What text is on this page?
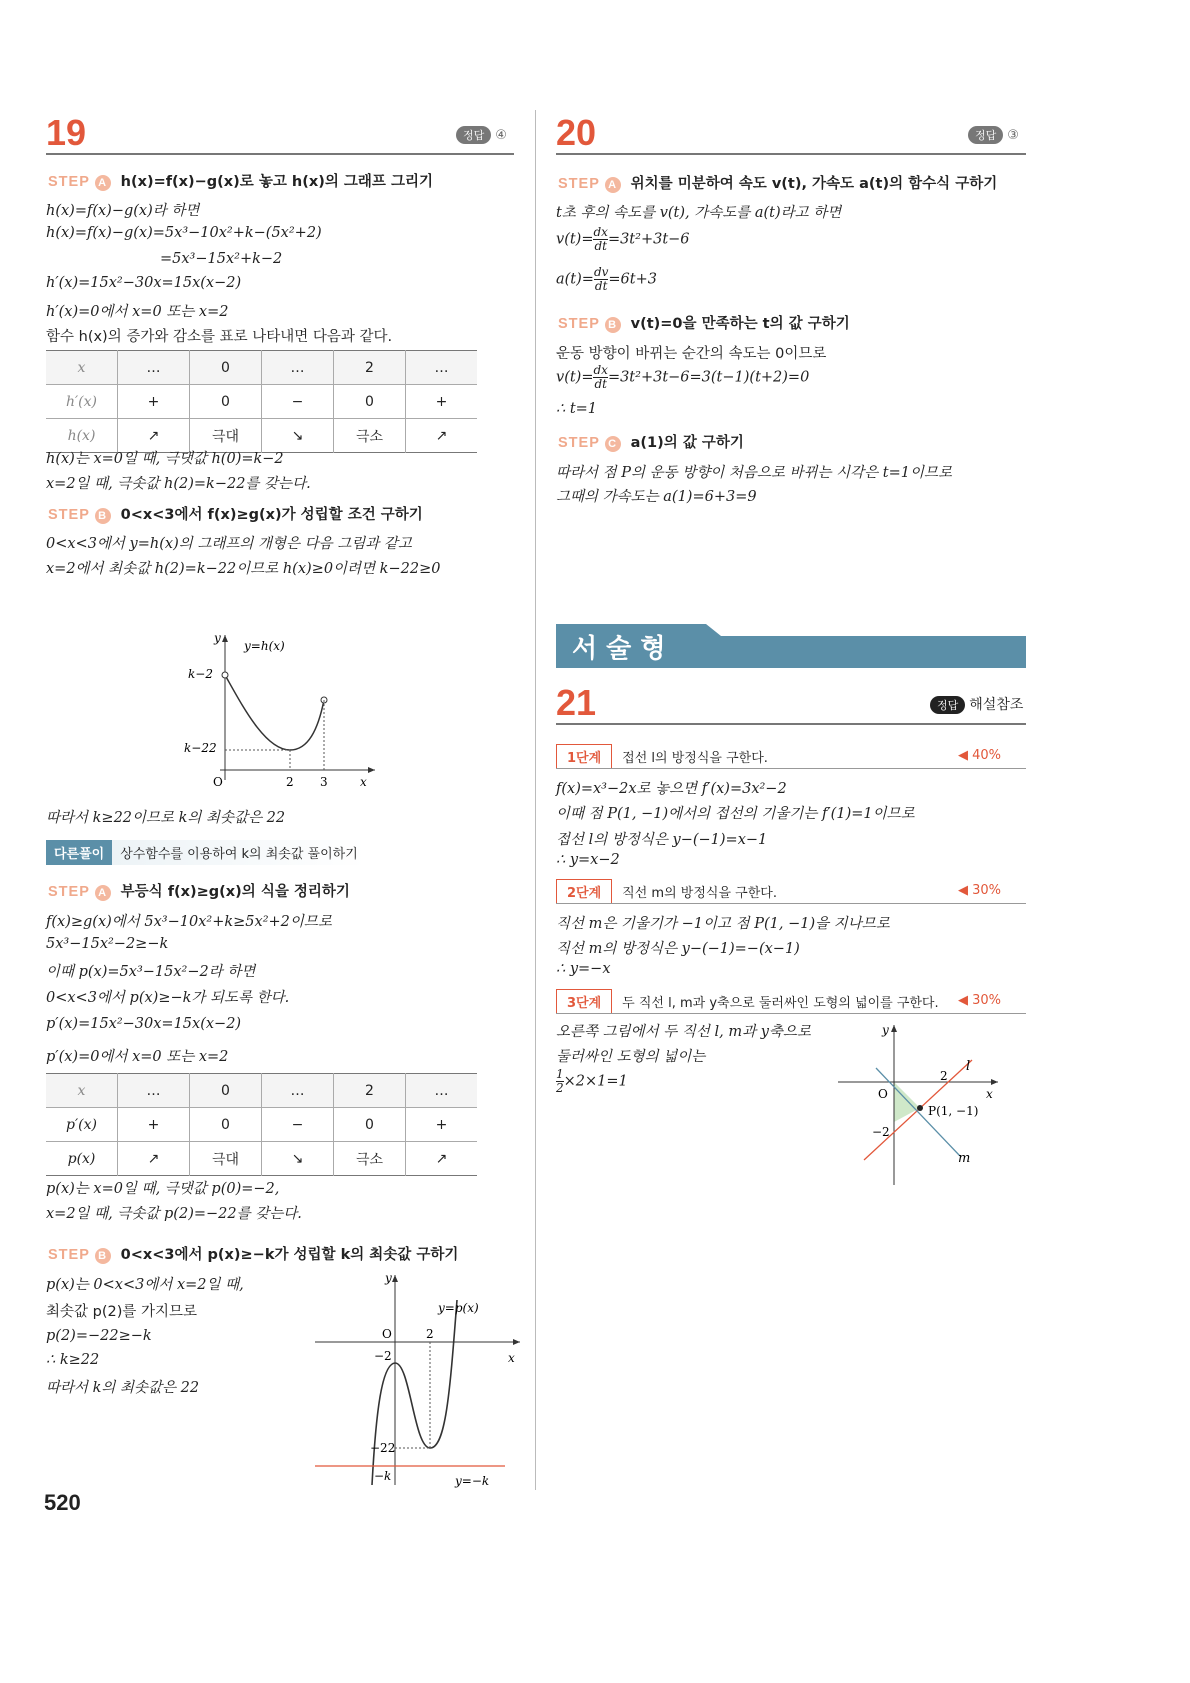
19	정답 ④
STEP A h(x)=f(x)−g(x)로 놓고 h(x)의 그래프 그리기
h(x)=f(x)−g(x)라 하면
h(x)=f(x)−g(x)=5x³−10x²+k−(5x²+2)
=5x³−15x²+k−2
h′(x)=15x²−30x=15x(x−2)
h′(x)=0에서 x=0 또는 x=2
함수 h(x)의 증가와 감소를 표로 나타내면 다음과 같다.
x	…	0	…	2	…
h′(x)	+	0	−	0	+
h(x)	↗	극대	↘	극소	↗
h(x)는 x=0일 때, 극댓값 h(0)=k−2
x=2일 때, 극솟값 h(2)=k−22를 갖는다.
STEP B 0<x<3에서 f(x)≥g(x)가 성립할 조건 구하기
0<x<3에서 y=h(x)의 그래프의 개형은 다음 그림과 같고
x=2에서 최솟값 h(2)=k−22이므로 h(x)≥0이려면 k−22≥0
y
x
O
k−2
k−22
y=h(x)
2 3
따라서 k≥22이므로 k의 최솟값은 22
다른풀이 상수함수를 이용하여 k의 최솟값 풀이하기
STEP A 부등식 f(x)≥g(x)의 식을 정리하기
f(x)≥g(x)에서 5x³−10x²+k≥5x²+2이므로
5x³−15x²−2≥−k
이때 p(x)=5x³−15x²−2라 하면
0<x<3에서 p(x)≥−k가 되도록 한다.
p′(x)=15x²−30x=15x(x−2)
p′(x)=0에서 x=0 또는 x=2
x	…	0	…	2	…
p′(x)	+	0	−	0	+
p(x)	↗	극대	↘	극소	↗
p(x)는 x=0일 때, 극댓값 p(0)=−2,
x=2일 때, 극솟값 p(2)=−22를 갖는다.
STEP B 0<x<3에서 p(x)≥−k가 성립할 k의 최솟값 구하기
p(x)는 0<x<3에서 x=2일 때,
최솟값 p(2)를 가지므로
p(2)=−22≥−k
∴ k≥22
따라서 k의 최솟값은 22
y
x
O
−2
2
−22
−k
y=p(x)
y=−k
20	정답 ③
STEP A 위치를 미분하여 속도 v(t), 가속도 a(t)의 함수식 구하기
t초 후의 속도를 v(t), 가속도를 a(t)라고 하면
$v(t)= \frac{dx}{dt} =3t^2+3t-6$
$a(t)= \frac{dv}{dt} =6t+3$
STEP B v(t)=0을 만족하는 t의 값 구하기
운동 방향이 바뀌는 순간의 속도는 0이므로
$v(t)= \frac{dx}{dt} =3t^2+3t-6=3(t-1)(t+2)=0$
∴ t=1
STEP C a(1)의 값 구하기
따라서 점 P의 운동 방향이 처음으로 바뀌는 시각은 t=1이므로
그때의 가속도는 a(1)=6+3=9
서 술 형
21	정답 해설참조
1단계 접선 l의 방정식을 구한다.	◀ 40%
f(x)=x³−2x로 놓으면 f′(x)=3x²−2
이때 점 P(1, −1)에서의 접선의 기울기는 f′(1)=1이므로
접선 l의 방정식은 y−(−1)=x−1
∴ y=x−2
2단계 직선 m의 방정식을 구한다.	◀ 30%
직선 m은 기울기가 −1이고 점 P(1, −1)을 지나므로
직선 m의 방정식은 y−(−1)=−(x−1)
∴ y=−x
3단계 두 직선 l, m과 y축으로 둘러싸인 도형의 넓이를 구한다. ◀ 30%
오른쪽 그림에서 두 직선 l, m과 y축으로
둘러싸인 도형의 넓이는
$\frac{1}{2} \times 2\times 1=1$
y
x
O
2
−2
l
m
P(1, −1)
520
